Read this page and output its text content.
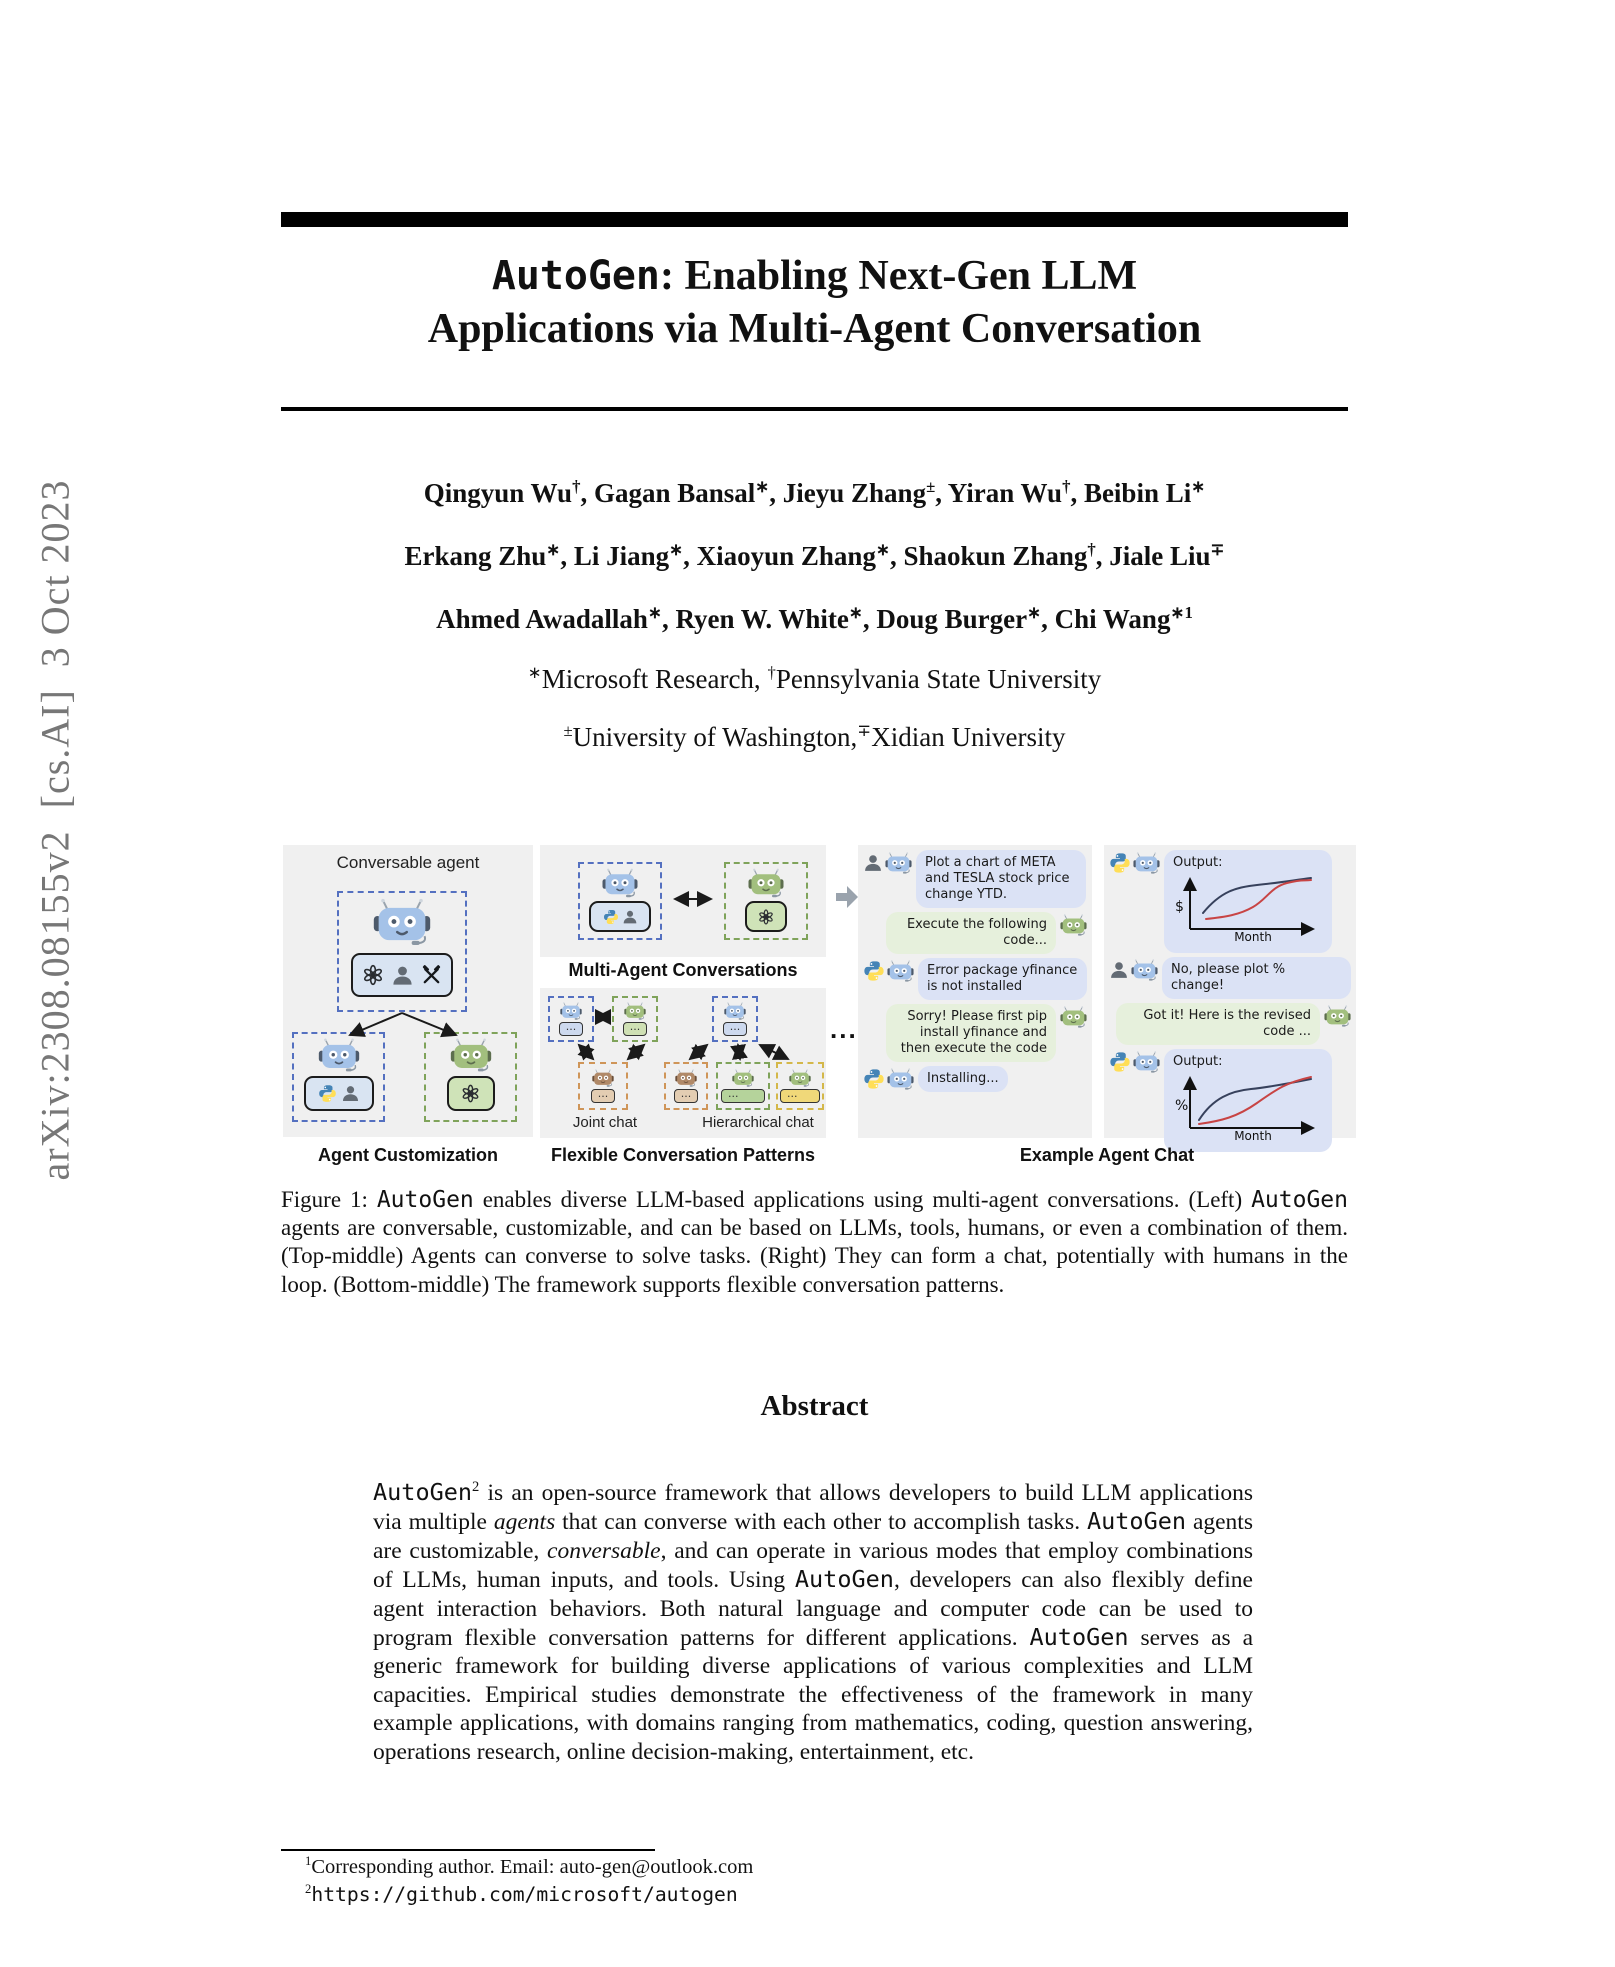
arXiv:2308.08155v2  [cs.AI]  3 Oct 2023
AutoGen: Enabling Next-Gen LLM
Applications via Multi-Agent Conversation
Qingyun Wu†, Gagan Bansal∗, Jieyu Zhang±, Yiran Wu†, Beibin Li∗
Erkang Zhu∗, Li Jiang∗, Xiaoyun Zhang∗, Shaokun Zhang†, Jiale Liu∓
Ahmed Awadallah∗, Ryen W. White∗, Doug Burger∗, Chi Wang$^{∗1}$
∗Microsoft Research, †Pennsylvania State University
±University of Washington,∓Xidian University
Conversable agent
Multi-Agent Conversations
...	...
...
...
...	...	...
Joint chat	Hierarchical chat
...
Plot a chart of META and TESLA stock price change YTD.
Execute the following code...
Error package yfinance is not installed
Sorry! Please first pip install yfinance and then execute the code
Installing...
Output:
$
Month
No, please plot % change!
Got it! Here is the revised code ...
Output:
%
Month
Agent Customization	Flexible Conversation Patterns	Example Agent Chat

Figure 1: AutoGen enables diverse LLM-based applications using multi-agent conversations. (Left) AutoGen agents are conversable, customizable, and can be based on LLMs, tools, humans, or even a combination of them. (Top-middle) Agents can converse to solve tasks. (Right) They can form a chat, potentially with humans in the loop. (Bottom-middle) The framework supports flexible conversation patterns.

Abstract

AutoGen$^2$ is an open-source framework that allows developers to build LLM applications via multiple agents that can converse with each other to accomplish tasks. AutoGen agents are customizable, conversable, and can operate in various modes that employ combinations of LLMs, human inputs, and tools. Using AutoGen, developers can also flexibly define agent interaction behaviors. Both natural language and computer code can be used to program flexible conversation patterns for different applications. AutoGen serves as a generic framework for building diverse applications of various complexities and LLM capacities. Empirical studies demonstrate the effectiveness of the framework in many example applications, with domains ranging from mathematics, coding, question answering, operations research, online decision-making, entertainment, etc.

$^1$Corresponding author. Email: auto-gen@outlook.com
$^2$https://github.com/microsoft/autogen
